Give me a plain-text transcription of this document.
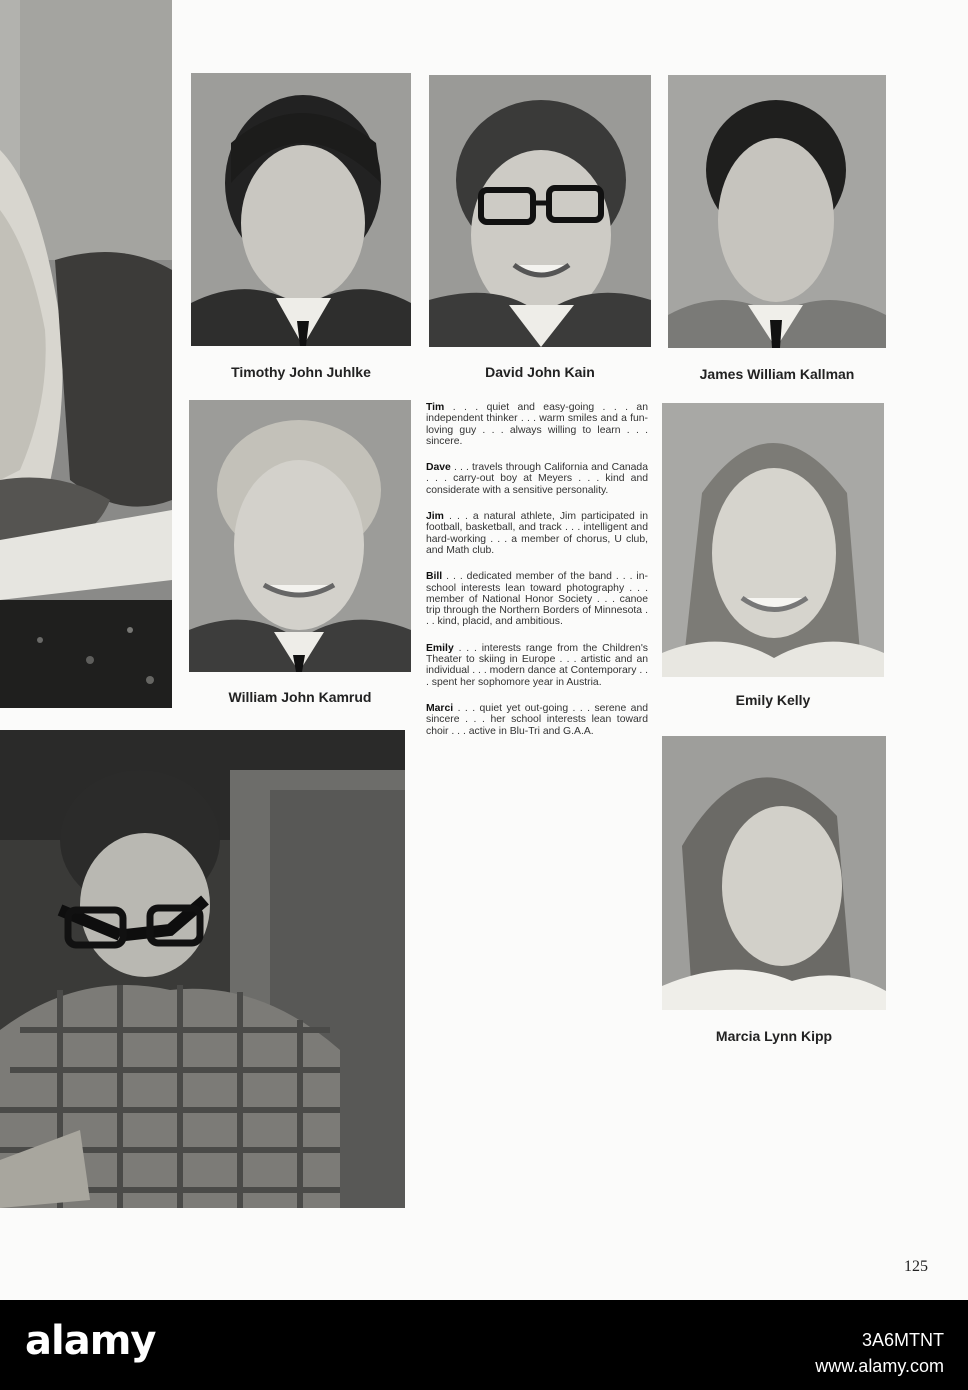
Timothy John Juhlke	David John Kain	James William Kallman
William John Kamrud	Emily Kelly
Marcia Lynn Kipp

Tim . . . quiet and easy-going . . . an independent thinker . . . warm smiles and a fun-loving guy . . . always willing to learn . . . sincere.

Dave . . . travels through California and Canada . . . carry-out boy at Meyers . . . kind and considerate with a sensitive personality.

Jim . . . a natural athlete, Jim participated in football, basketball, and track . . . intelligent and hard-working . . . a member of chorus, U club, and Math club.

Bill . . . dedicated member of the band . . . in-school interests lean toward photography . . . member of National Honor Society . . . canoe trip through the Northern Borders of Minnesota . . . kind, placid, and ambitious.

Emily . . . interests range from the Children's Theater to skiing in Europe . . . artistic and an individual . . . modern dance at Contemporary . . . spent her sophomore year in Austria.

Marci . . . quiet yet out-going . . . serene and sincere . . . her school interests lean toward choir . . . active in Blu-Tri and G.A.A.

125
alamy	3A6MTNT
www.alamy.com
